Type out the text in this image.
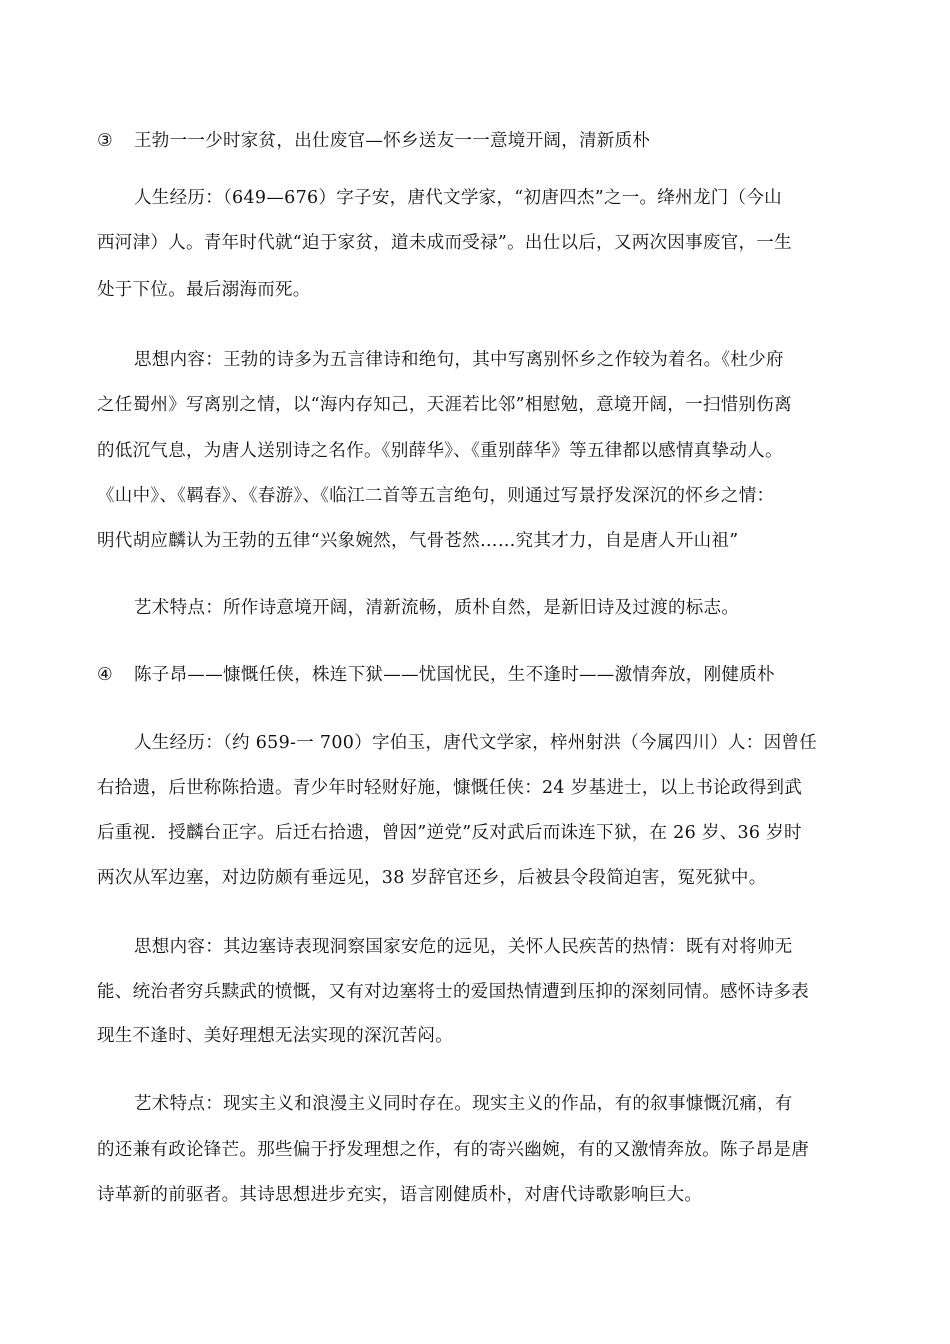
③ 王勃一一少时家贫，出仕废官—怀乡送友一一意境开阔，清新质朴
人生经历：（649—676）字子安，唐代文学家，“初唐四杰”之一。绛州龙门（今山
西河津）人。青年时代就“迫于家贫，道未成而受禄”。出仕以后，又两次因事废官，一生
处于下位。最后溺海而死。
思想内容：王勃的诗多为五言律诗和绝句，其中写离别怀乡之作较为着名。《杜少府
之任蜀州》写离别之情，以“海内存知己，天涯若比邻”相慰勉，意境开阔，一扫惜别伤离
的低沉气息，为唐人送别诗之名作。《别薛华》、《重别薛华》等五律都以感情真挚动人。
《山中》、《羁春》、《春游》、《临江二首等五言绝句，则通过写景抒发深沉的怀乡之情：
明代胡应麟认为王勃的五律“兴象婉然，气骨苍然……究其才力，自是唐人开山祖”
艺术特点：所作诗意境开阔，清新流畅，质朴自然，是新旧诗及过渡的标志。
④ 陈子昂——慷慨任侠，株连下狱——忧国忧民，生不逢时——激情奔放，刚健质朴
人生经历：（约 659-一 700）字伯玉，唐代文学家，梓州射洪（今属四川）人：因曾任
右拾遗，后世称陈拾遗。青少年时轻财好施，慷慨任侠：24 岁基进士，以上书论政得到武
后重视．授麟台正字。后迁右拾遗，曾因”逆党”反对武后而诛连下狱，在 26 岁、36 岁时
两次从军边塞，对边防颇有垂远见，38 岁辞官还乡，后被县令段简迫害，冤死狱中。
思想内容：其边塞诗表现洞察国家安危的远见，关怀人民疾苦的热情：既有对将帅无
能、统治者穷兵黩武的愤慨，又有对边塞将士的爱国热情遭到压抑的深刻同情。感怀诗多表
现生不逢时、美好理想无法实现的深沉苦闷。
艺术特点：现实主义和浪漫主义同时存在。现实主义的作品，有的叙事慷慨沉痛，有
的还兼有政论锋芒。那些偏于抒发理想之作，有的寄兴幽婉，有的又激情奔放。陈子昂是唐
诗革新的前驱者。其诗思想进步充实，语言刚健质朴，对唐代诗歌影响巨大。
